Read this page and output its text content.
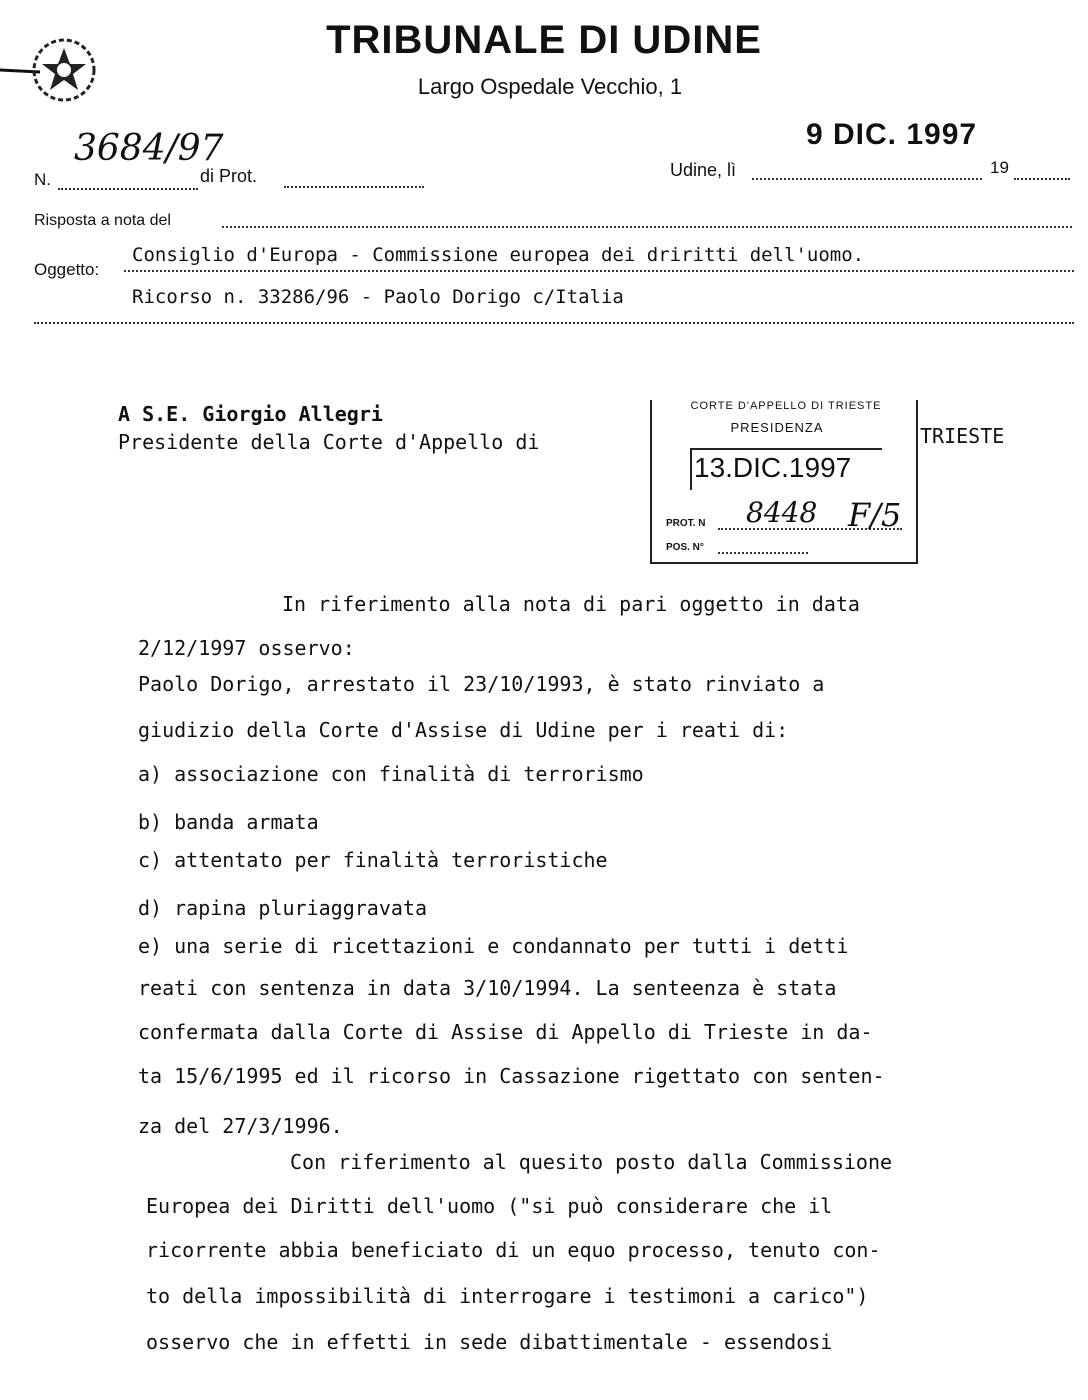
TRIBUNALE DI UDINE
Largo Ospedale Vecchio, 1
N.
3684/97
di Prot.	Udine, lì
9 DIC. 1997
19
Risposta a nota del
Oggetto:
Consiglio d'Europa - Commissione europea dei driritti dell'uomo.
Ricorso n. 33286/96 - Paolo Dorigo c/Italia
A S.E. Giorgio Allegri
Presidente della Corte d'Appello di	TRIESTE
CORTE D'APPELLO DI TRIESTE
PRESIDENZA
13.DIC.1997
PROT. N 8448 F/5
POS. N°
In riferimento alla nota di pari oggetto in data
2/12/1997 osservo:
Paolo Dorigo, arrestato il 23/10/1993, è stato rinviato a
giudizio della Corte d'Assise di Udine per i reati di:
a) associazione con finalità di terrorismo
b) banda armata
c) attentato per finalità terroristiche
d) rapina pluriaggravata
e) una serie di ricettazioni e condannato per tutti i detti
reati con sentenza in data 3/10/1994. La senteenza è stata
confermata dalla Corte di Assise di Appello di Trieste in da-
ta 15/6/1995 ed il ricorso in Cassazione rigettato con senten-
za del 27/3/1996.
Con riferimento al quesito posto dalla Commissione
Europea dei Diritti dell'uomo ("si può considerare che il
ricorrente abbia beneficiato di un equo processo, tenuto con-
to della impossibilità di interrogare i testimoni a carico")
osservo che in effetti in sede dibattimentale - essendosi
